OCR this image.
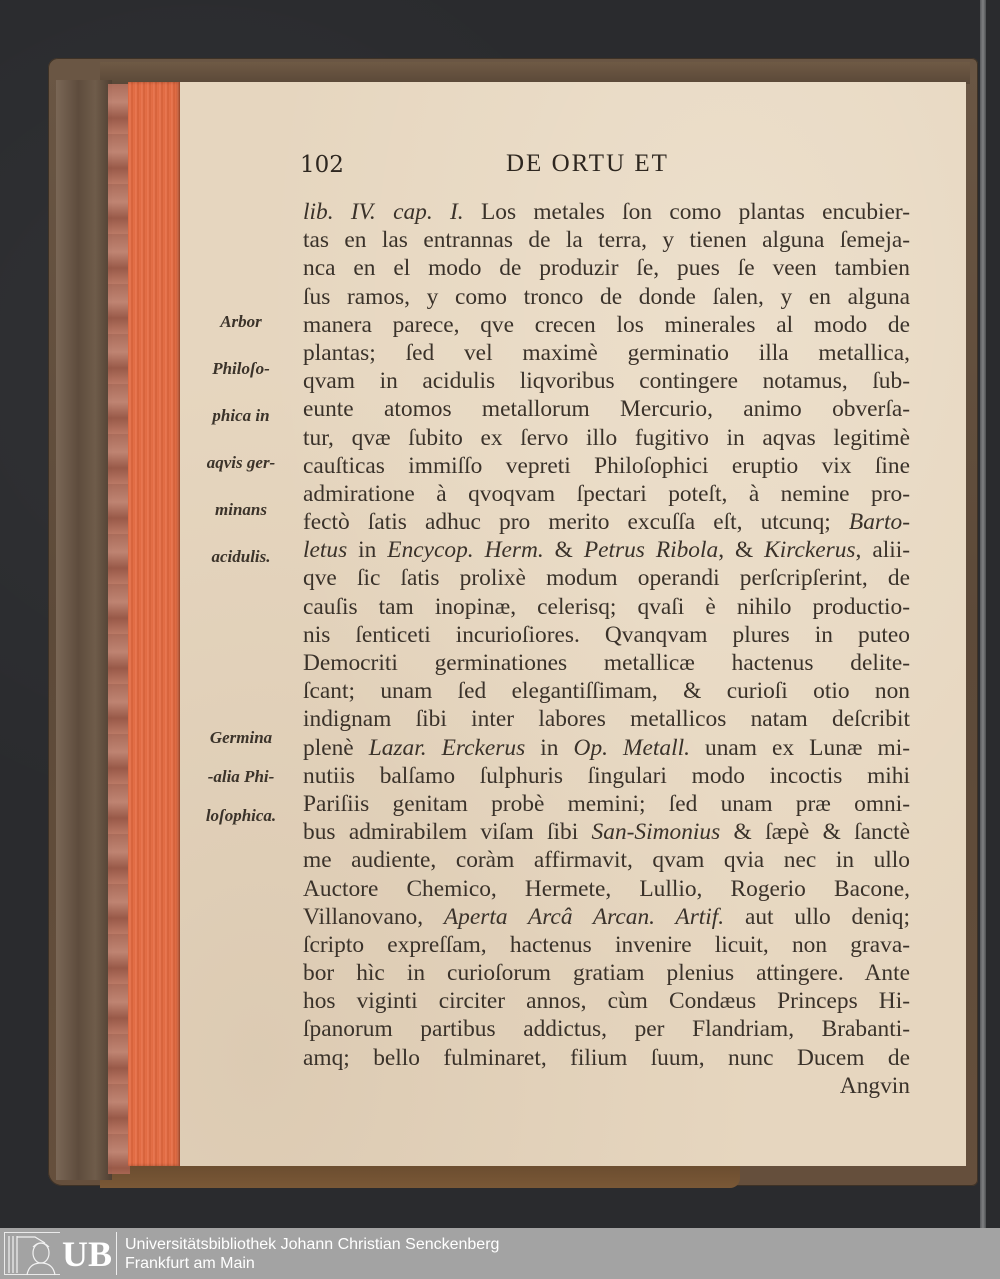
102	DE ORTU ET
lib. IV. cap. I. Los metales ſon como plantas encubier-
tas en las entrannas de la terra, y tienen alguna ſemeja-
nca en el modo de produzir ſe, pues ſe veen tambien
ſus ramos, y como tronco de donde ſalen, y en alguna
manera parece, qve crecen los minerales al modo de
plantas; ſed vel maximè germinatio illa metallica,
qvam in acidulis liqvoribus contingere notamus, ſub-
eunte atomos metallorum Mercurio, animo obverſa-
tur, qvæ ſubito ex ſervo illo fugitivo in aqvas legitimè
cauſticas immiſſo vepreti Philoſophici eruptio vix ſine
admiratione à qvoqvam ſpectari poteſt, à nemine pro-
fectò ſatis adhuc pro merito excuſſa eſt, utcunq; Barto-
letus in Encycop. Herm. & Petrus Ribola, & Kirckerus, alii-
qve ſic ſatis prolixè modum operandi perſcripſerint, de
cauſis tam inopinæ, celerisq; qvaſi è nihilo productio-
nis ſenticeti incurioſiores. Qvanqvam plures in puteo
Democriti germinationes metallicæ hactenus delite-
ſcant; unam ſed elegantiſſimam, & curioſi otio non
indignam ſibi inter labores metallicos natam deſcribit
plenè Lazar. Erckerus in Op. Metall. unam ex Lunæ mi-
nutiis balſamo ſulphuris ſingulari modo incoctis mihi
Pariſiis genitam probè memini; ſed unam præ omni-
bus admirabilem viſam ſibi San-Simonius & ſæpè & ſanctè
me audiente, coràm affirmavit, qvam qvia nec in ullo
Auctore Chemico, Hermete, Lullio, Rogerio Bacone,
Villanovano, Aperta Arcâ Arcan. Artif. aut ullo deniq;
ſcripto expreſſam, hactenus invenire licuit, non grava-
bor hìc in curioſorum gratiam plenius attingere. Ante
hos viginti circiter annos, cùm Condæus Princeps Hi-
ſpanorum partibus addictus, per Flandriam, Brabanti-
amq; bello fulminaret, filium ſuum, nunc Ducem de
Angvin
Arbor
Philoſo-
phica in
aqvis ger-
minans
acidulis.
Germina
-alia Phi-
loſophica.
UB Universitätsbibliothek Johann Christian Senckenberg
Frankfurt am Main
